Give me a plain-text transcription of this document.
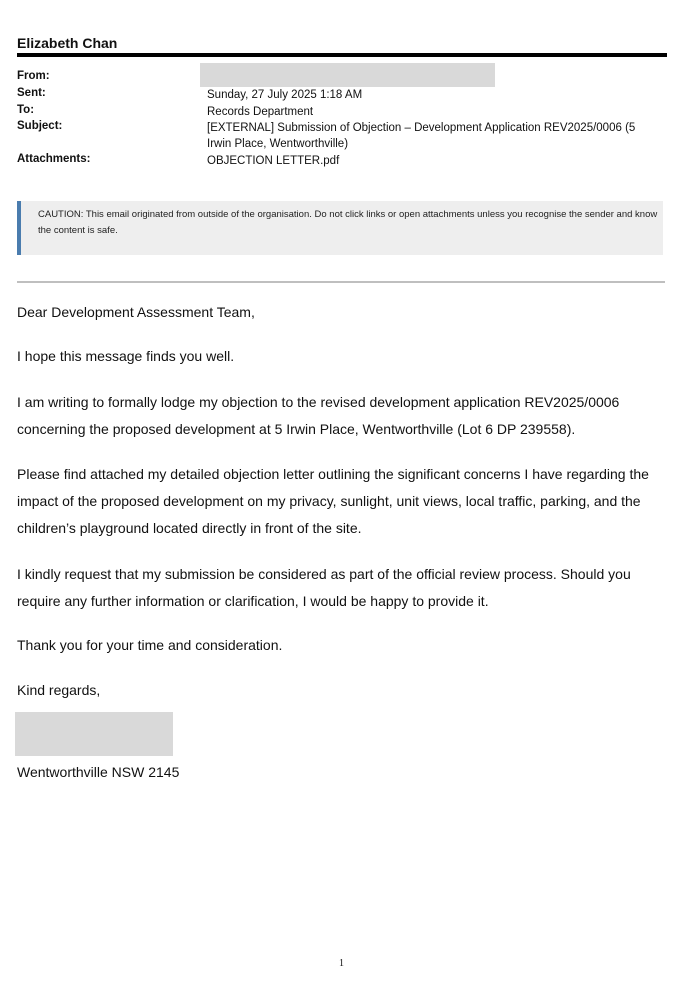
Elizabeth Chan
From:
Sent:	Sunday, 27 July 2025 1:18 AM
To:	Records Department
Subject:	[EXTERNAL] Submission of Objection – Development Application REV2025/0006 (5 Irwin Place, Wentworthville)
Attachments:	OBJECTION LETTER.pdf
CAUTION: This email originated from outside of the organisation. Do not click links or open attachments unless you recognise the sender and know the content is safe.
Dear Development Assessment Team,
I hope this message finds you well.
I am writing to formally lodge my objection to the revised development application REV2025/0006 concerning the proposed development at 5 Irwin Place, Wentworthville (Lot 6 DP 239558).
Please find attached my detailed objection letter outlining the significant concerns I have regarding the impact of the proposed development on my privacy, sunlight, unit views, local traffic, parking, and the children’s playground located directly in front of the site.
I kindly request that my submission be considered as part of the official review process. Should you require any further information or clarification, I would be happy to provide it.
Thank you for your time and consideration.
Kind regards,
Wentworthville NSW 2145
1
